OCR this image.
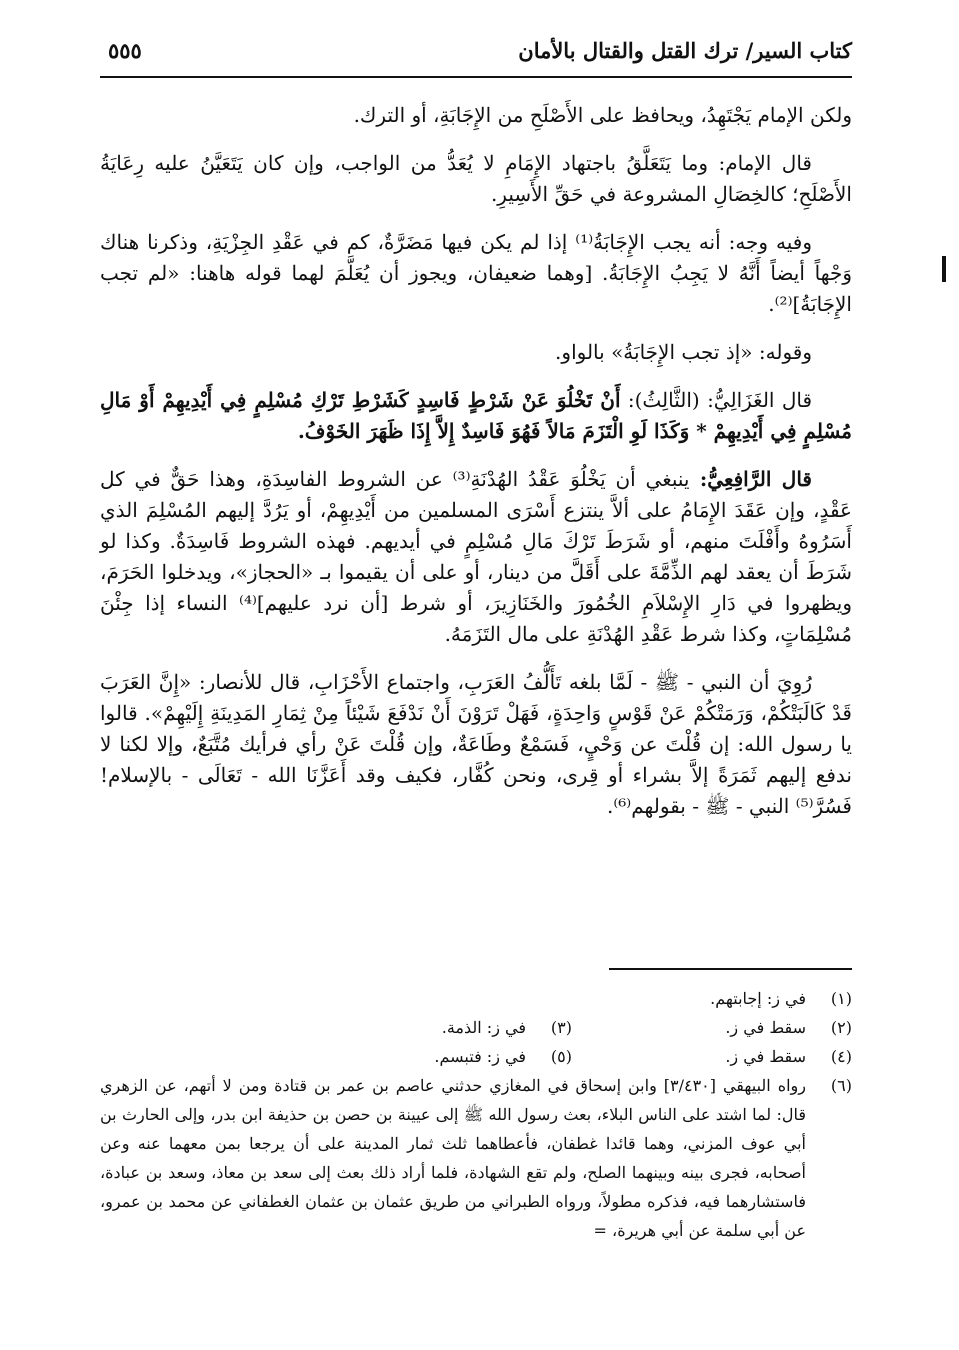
كتاب السير/ ترك القتل والقتال بالأمان
٥٥٥

ولكن الإمام يَجْتَهِدُ، ويحافظ على الأَصْلَحِ من الإِجَابَةِ، أو الترك.

قال الإمام: وما يَتَعَلَّقُ باجتهاد الإِمَامِ لا يُعَدُّ من الواجب، وإن كان يَتَعَيَّنُ عليه رِعَايَةُ الأَصْلَحِ؛ كالخِصَالِ المشروعة في حَقِّ الأَسِيرِ.

وفيه وجه: أنه يجب الإِجَابَةُ⁽¹⁾ إذا لم يكن فيها مَضَرَّةٌ، كم في عَقْدِ الجِزْيَةِ، وذكرنا هناك وَجْهاً أيضاً أَنَّهُ لا يَجِبُ الإِجَابَةُ. [وهما ضعيفان، ويجوز أن يُعَلَّمَ لهما قوله هاهنا: «لم تجب الإِجَابَةُ]⁽²⁾.

وقوله: «إذ تجب الإِجَابَةُ» بالواو.

قال الغَزَالِيُّ: (الثَّالِثُ): أَنْ تَخْلُوَ عَنْ شَرْطٍ فَاسِدٍ كَشَرْطِ تَرْكِ مُسْلِمٍ فِي أَيْدِيهِمْ أَوْ مَالِ مُسْلِمٍ فِي أَيْدِيهِمْ * وَكَذَا لَوِ الْتَزَمَ مَالاً فَهُوَ فَاسِدٌ إِلاَّ إِذَا ظَهَرَ الخَوْفُ.

قال الرَّافِعِيُّ: ينبغي أن يَخْلُوَ عَقْدُ الهُدْنَةِ⁽³⁾ عن الشروط الفاسِدَةِ، وهذا حَقٌّ في كل عَقْدٍ، وإن عَقَدَ الإِمَامُ على ألاَّ ينتزع أَسْرَى المسلمين من أَيْدِيهِمْ، أو يَرُدَّ إليهم المُسْلِمَ الذي أَسَرُوهُ وأَفْلَتَ منهم، أو شَرَطَ تَرْكَ مَالِ مُسْلِمٍ في أيديهم. فهذه الشروط فَاسِدَةٌ. وكذا لو شَرَطَ أن يعقد لهم الذِّمَّةَ على أَقَلَّ من دينار، أو على أن يقيموا بـ «الحجاز»، ويدخلوا الحَرَمَ، ويظهروا في دَارِ الإِسْلاَمِ الخُمُورَ والخَنَازِيرَ، أو شرط [أن نرد عليهم]⁽⁴⁾ النساء إذا جِئْنَ مُسْلِمَاتٍ، وكذا شرط عَقْدِ الهُدْنَةِ على مال التَزَمَهُ.

رُوِيَ أن النبي - ﷺ - لَمَّا بلغه تَأَلُّفُ العَرَبِ، واجتماع الأَحْزَابِ، قال للأنصار: «إِنَّ العَرَبَ قَدْ كَالَبَتْكُمْ، وَرَمَتْكُمْ عَنْ قَوْسٍ وَاحِدَةٍ، فَهَلْ تَرَوْنَ أَنْ نَدْفَعَ شَيْئاً مِنْ ثِمَارِ المَدِينَةِ إِلَيْهِمْ». قالوا يا رسول الله: إن قُلْتَ عن وَحْيٍ، فَسَمْعٌ وطَاعَةٌ، وإن قُلْتَ عَنْ رأي فرأيك مُتَّبَعٌ، وإلا لكنا لا ندفع إليهم ثَمَرَةً إلاَّ بشراء أو قِرى، ونحن كُفَّار، فكيف وقد أَعَزَّنَا الله - تَعَالَى - بالإسلام! فَسُرَّ⁽⁵⁾ النبي - ﷺ - بقولهم⁽⁶⁾.

(١)
في ز: إجابتهم.
(٢)
سقط في ز.
(٣)
في ز: الذمة.
(٤)
سقط في ز.
(٥)
في ز: فتبسم.
(٦)
رواه البيهقي [٣/٤٣٠] وابن إسحاق في المغازي حدثني عاصم بن عمر بن قتادة ومن لا أتهم، عن الزهري قال: لما اشتد على الناس البلاء، بعث رسول الله ﷺ إلى عيينة بن حصن بن حذيفة ابن بدر، وإلى الحارث بن أبي عوف المزني، وهما قائدا غطفان، فأعطاهما ثلث ثمار المدينة على أن يرجعا بمن معهما عنه وعن أصحابه، فجرى بينه وبينهما الصلح، ولم تقع الشهادة، فلما أراد ذلك بعث إلى سعد بن معاذ، وسعد بن عبادة، فاستشارهما فيه، فذكره مطولاً، ورواه الطبراني من طريق عثمان بن عثمان الغطفاني عن محمد بن عمرو، عن أبي سلمة عن أبي هريرة، =
